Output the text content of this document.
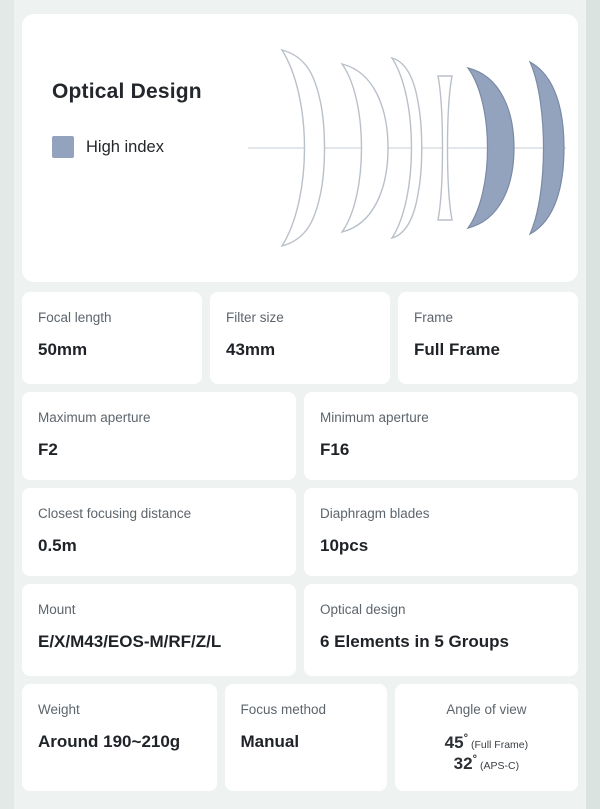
Optical Design
High index
Focal length
50mm
Filter size
43mm
Frame
Full Frame
Maximum aperture
F2
Minimum aperture
F16
Closest focusing distance
0.5m
Diaphragm blades
10pcs
Mount
E/X/M43/EOS-M/RF/Z/L
Optical design
6 Elements in 5 Groups
Weight
Around 190~210g
Focus method
Manual
Angle of view
45°(Full Frame)
32°(APS-C)
